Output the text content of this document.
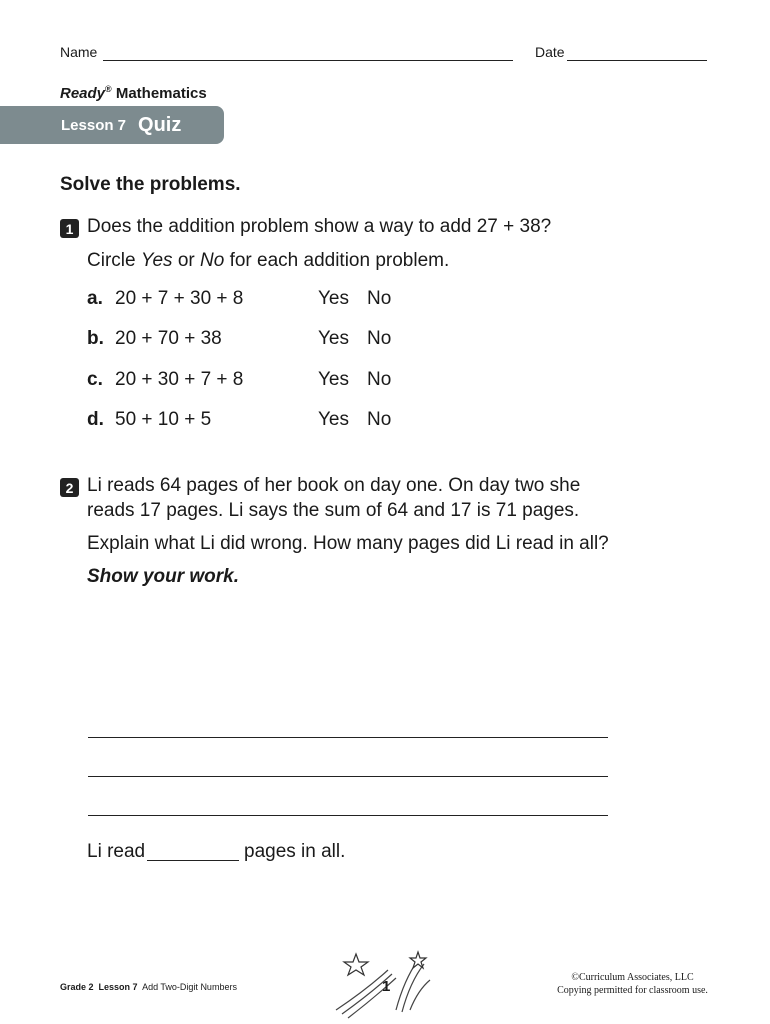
Name	Date
Ready® Mathematics
Lesson 7 Quiz
Solve the problems.
1 Does the addition problem show a way to add 27 + 38?
Circle Yes or No for each addition problem.
a. 20 + 7 + 30 + 8	Yes No
b. 20 + 70 + 38	Yes No
c. 20 + 30 + 7 + 8	Yes No
d. 50 + 10 + 5	Yes No
2 Li reads 64 pages of her book on day one. On day two she
reads 17 pages. Li says the sum of 64 and 17 is 71 pages.
Explain what Li did wrong. How many pages did Li read in all?
Show your work.
Li read	pages in all.
Grade 2 Lesson 7 Add Two-Digit Numbers	1
©Curriculum Associates, LLC
Copying permitted for classroom use.
